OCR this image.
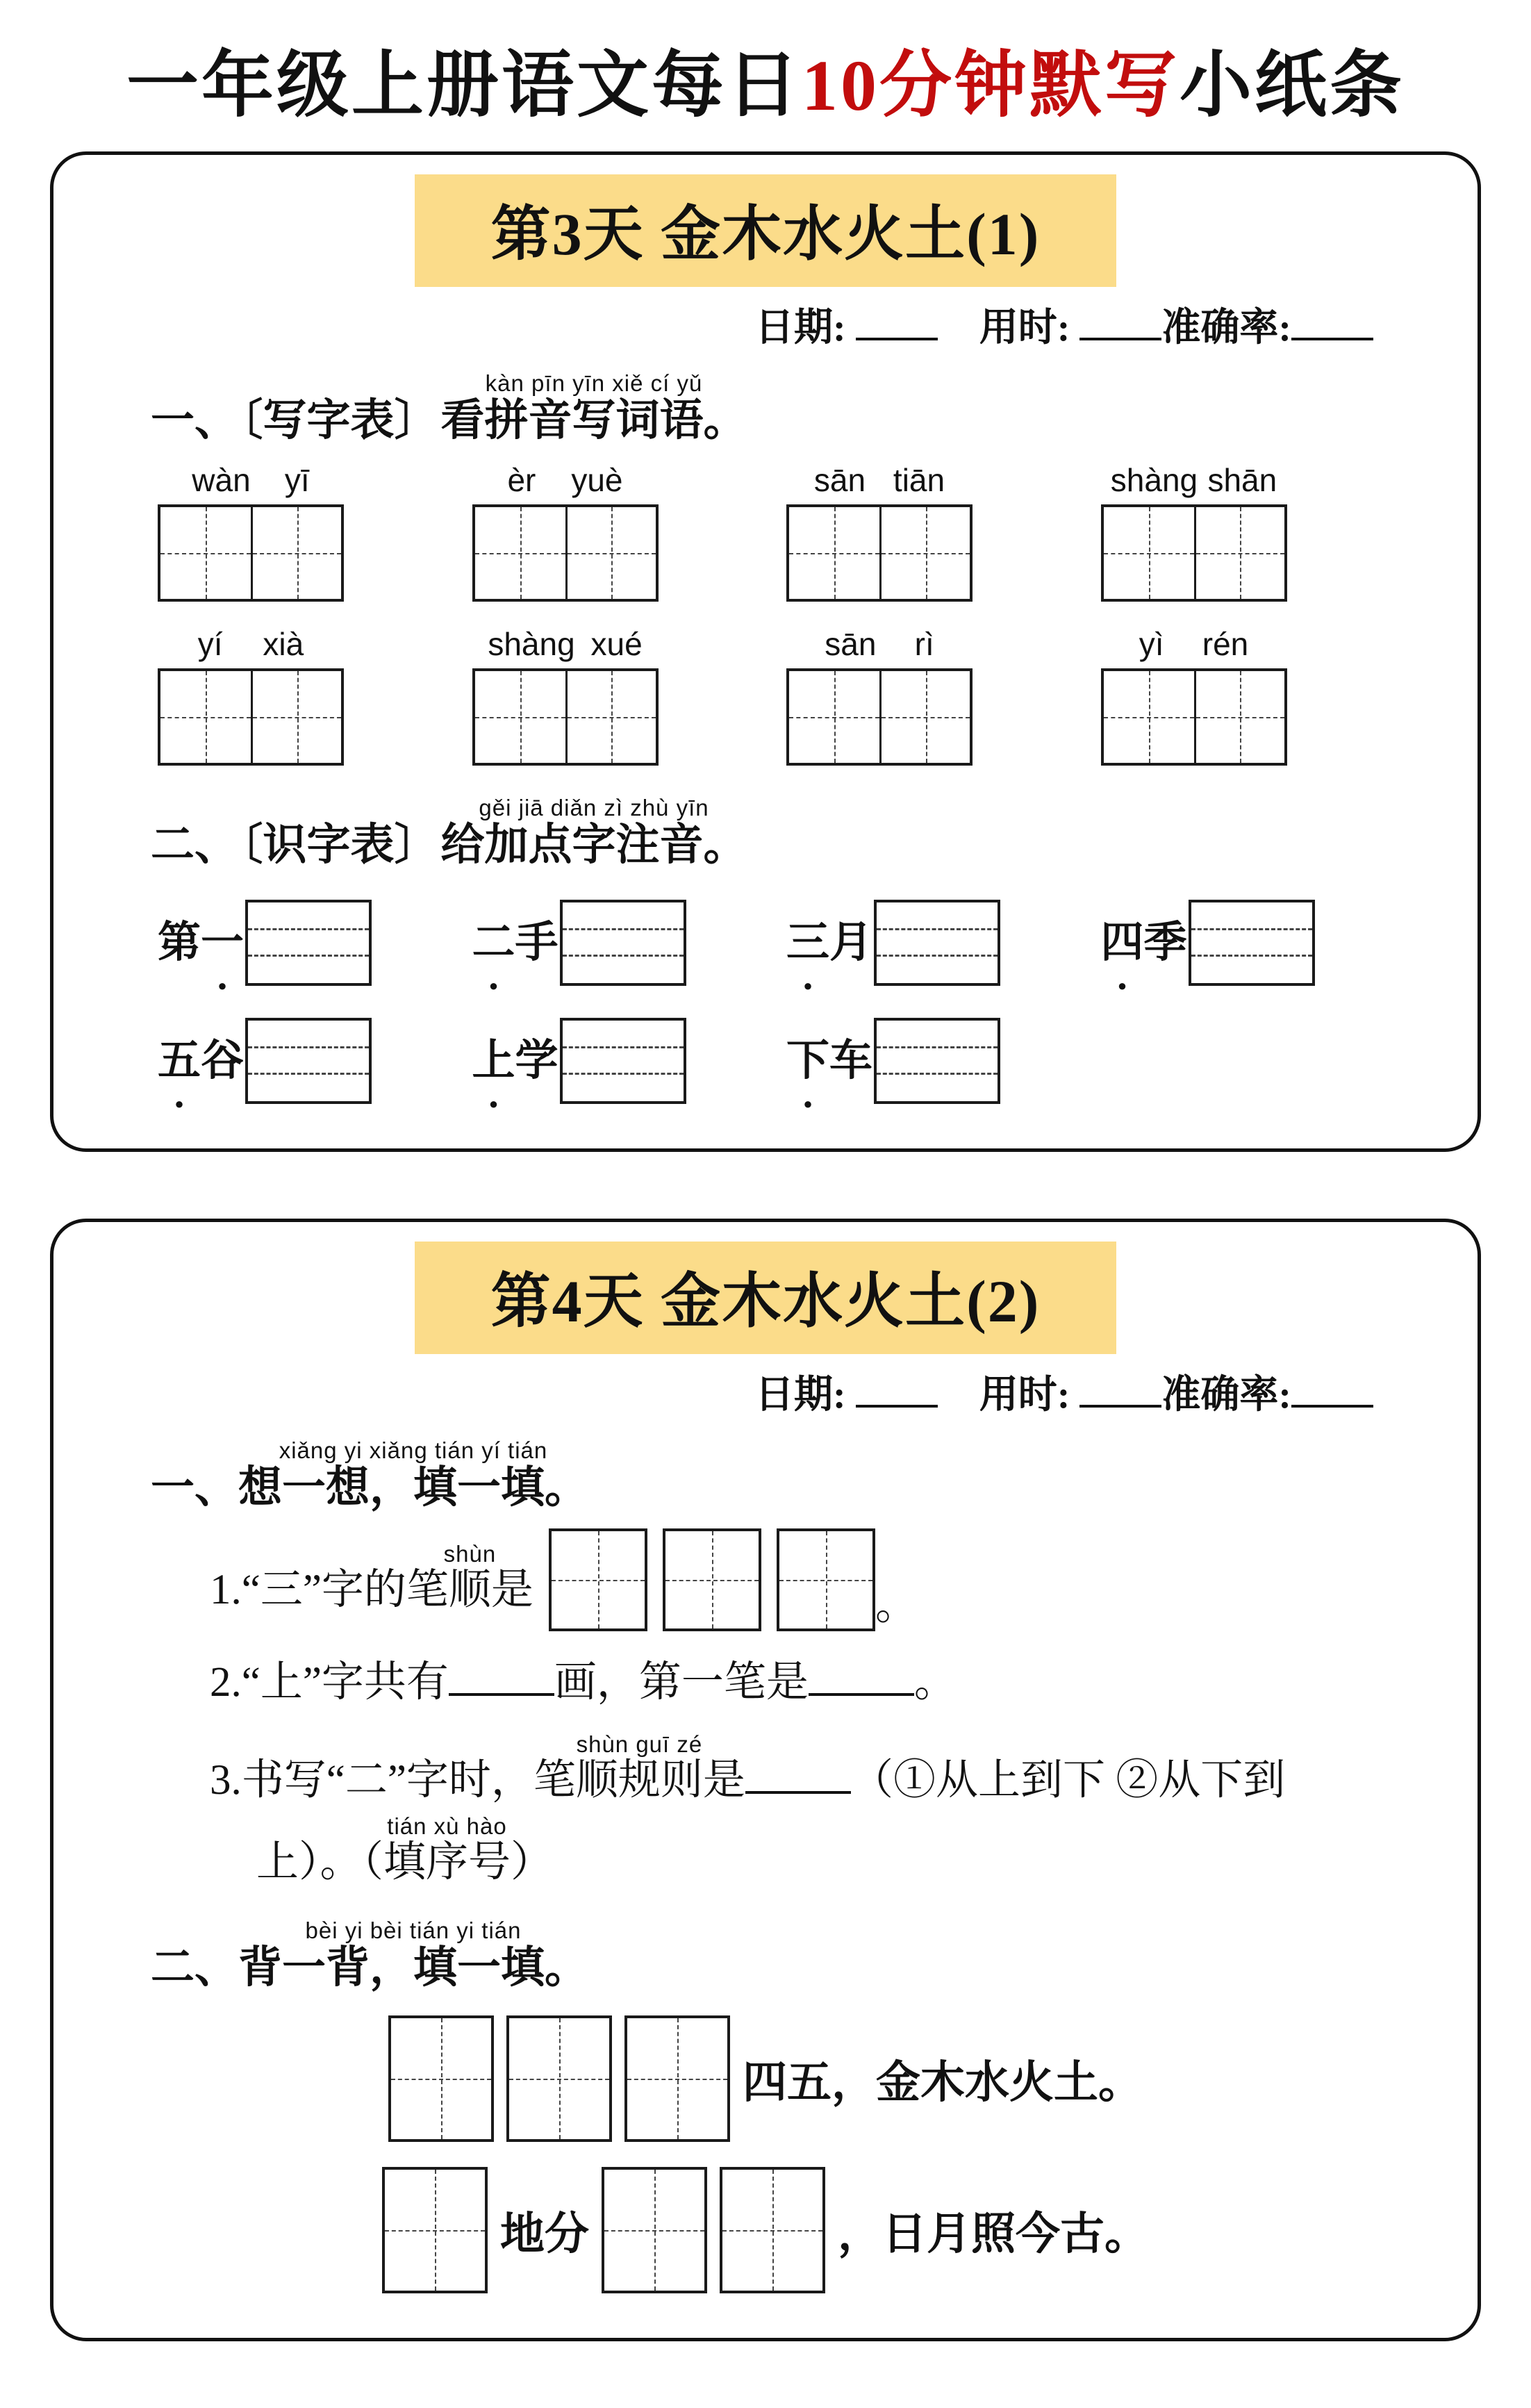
一年级上册语文每日10分钟默写小纸条
第3天 金木水火土(1)
日期:	用时: 准确率:
一、〔写字表〕看拼音写词语。kàn pīn yīn xiě cí yǔ
wàn yī	èr yuè	sān tiān	shàng shān
yí xià	shàng xué	sān rì	yì rén
二、〔识字表〕给加点字注音。gěi jiā diǎn zì zhù yīn
第 一 ●	二 ● 手	三 ● 月	四 ● 季
五 ● 谷	上 ● 学	下 ● 车
第4天 金木水火土(2)
日期:	用时: 准确率:
一、想一想，填一填。xiǎng yi xiǎng tián yí tián
1.“三”字的笔顺shùn是	。
2.“上”字共有 画，第一笔是 。
3.书写“二”字时，笔顺规则shùn guī zé是 （①从上到下 ②从下到
上）。（填序号tián xù hào）
二、背一背，填一填。bèi yi bèi tián yi tián
四五，金木水火土。
地分	，日月照今古。
